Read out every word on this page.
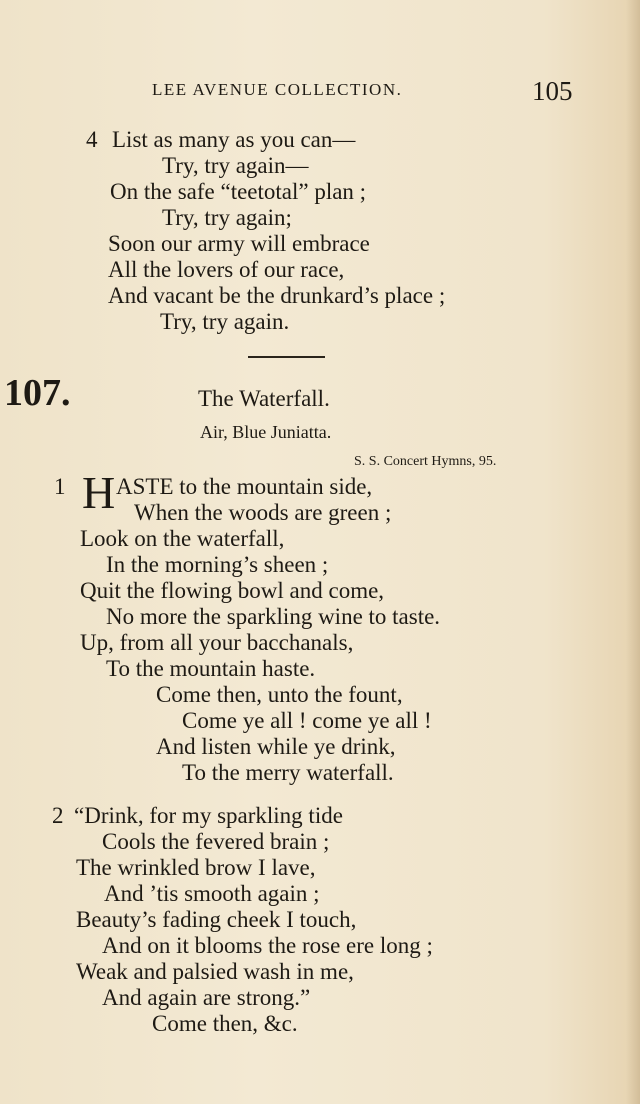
LEE AVENUE COLLECTION.	105
4 List as many as you can—
Try, try again—
On the safe “teetotal” plan ;
Try, try again;
Soon our army will embrace
All the lovers of our race,
And vacant be the drunkard’s place ;
Try, try again.
107.	The Waterfall.
Air, Blue Juniatta.
S. S. Concert Hymns, 95.
1 H ASTE to the mountain side,
When the woods are green ;
Look on the waterfall,
In the morning’s sheen ;
Quit the flowing bowl and come,
No more the sparkling wine to taste.
Up, from all your bacchanals,
To the mountain haste.
Come then, unto the fount,
Come ye all ! come ye all !
And listen while ye drink,
To the merry waterfall.
2 “Drink, for my sparkling tide
Cools the fevered brain ;
The wrinkled brow I lave,
And ’tis smooth again ;
Beauty’s fading cheek I touch,
And on it blooms the rose ere long ;
Weak and palsied wash in me,
And again are strong.”
Come then, &c.
